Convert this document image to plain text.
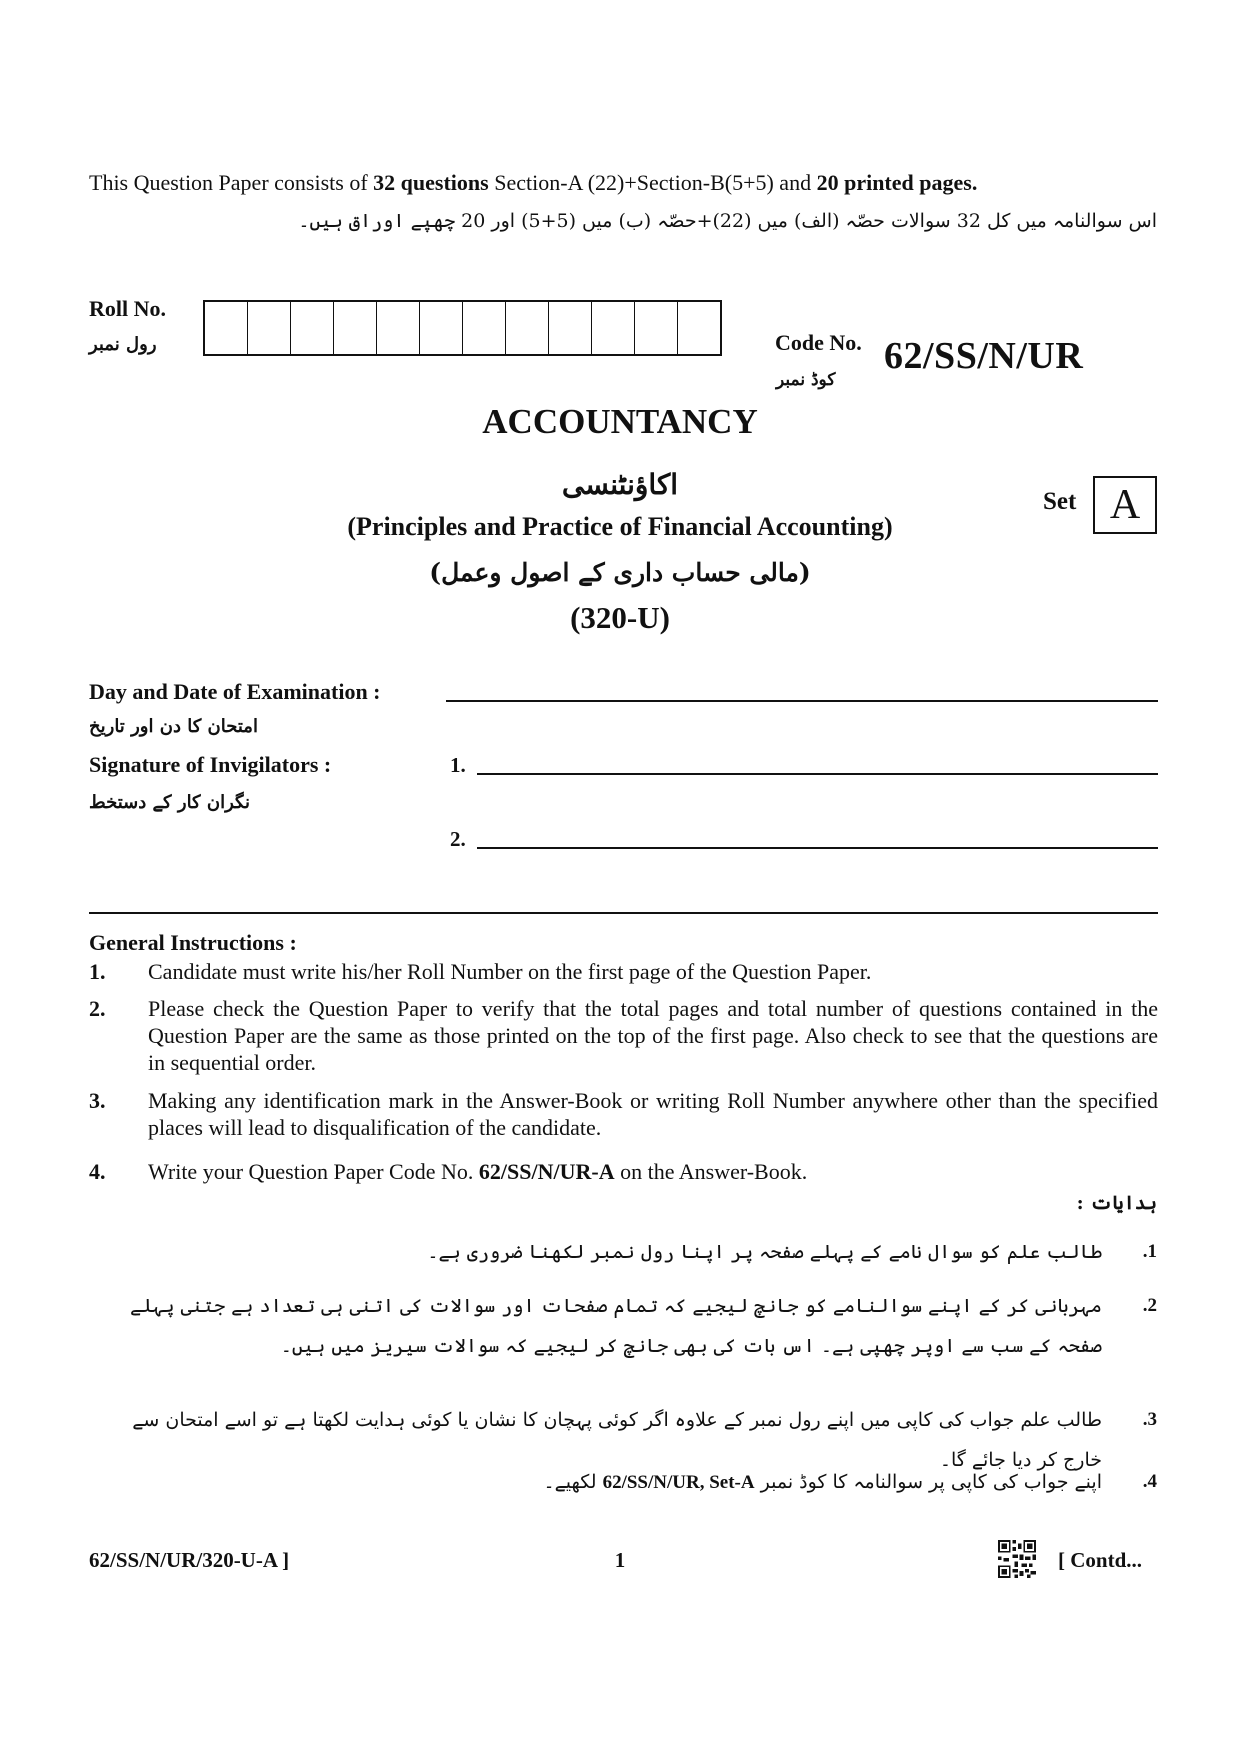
This Question Paper consists of 32 questions Section-A (22)+Section-B(5+5) and 20 printed pages.
اس سوالنامہ میں کل 32 سوالات حصّہ (الف) میں (22)+حصّہ (ب) میں (5+5) اور 20 چھپے اوراق ہیں۔
Roll No.
رول نمبر	Code No.
کوڈ نمبر
62/SS/N/UR
ACCOUNTANCY
اکاؤنٹنسی
(Principles and Practice of Financial Accounting)
(مالی حساب داری کے اصول وعمل)
(320-U)
Set A
Day and Date of Examination :
امتحان کا دن اور تاریخ
Signature of Invigilators :
نگران کار کے دستخط
1.
2.
General Instructions :
1. Candidate must write his/her Roll Number on the first page of the Question Paper.
2. Please check the Question Paper to verify that the total pages and total number of questions contained in the Question Paper are the same as those printed on the top of the first page. Also check to see that the questions are in sequential order.
3. Making any identification mark in the Answer-Book or writing Roll Number anywhere other than the specified places will lead to disqualification of the candidate.
4. Write your Question Paper Code No. 62/SS/N/UR-A on the Answer-Book.
ہدایات :
.1
طالب علم کو سوال نامے کے پہلے صفحہ پر اپنا رول نمبر لکھنا ضروری ہے۔
.2
مہربانی کر کے اپنے سوالنامے کو جانچ لیجیے کہ تمام صفحات اور سوالات کی اتنی ہی تعداد ہے جتنی پہلے صفحہ کے سب سے اوپر چھپی ہے۔ اس بات کی بھی جانچ کر لیجیے کہ سوالات سیریز میں ہیں۔
.3
طالب علم جواب کی کاپی میں اپنے رول نمبر کے علاوہ اگر کوئی پہچان کا نشان یا کوئی ہدایت لکھتا ہے تو اسے امتحان سے خارج کر دیا جائے گا۔
.4
اپنے جواب کی کاپی پر سوالنامہ کا کوڈ نمبر 62/SS/N/UR, Set-A لکھیے۔
62/SS/N/UR/320-U-A ]	1	[ Contd...
